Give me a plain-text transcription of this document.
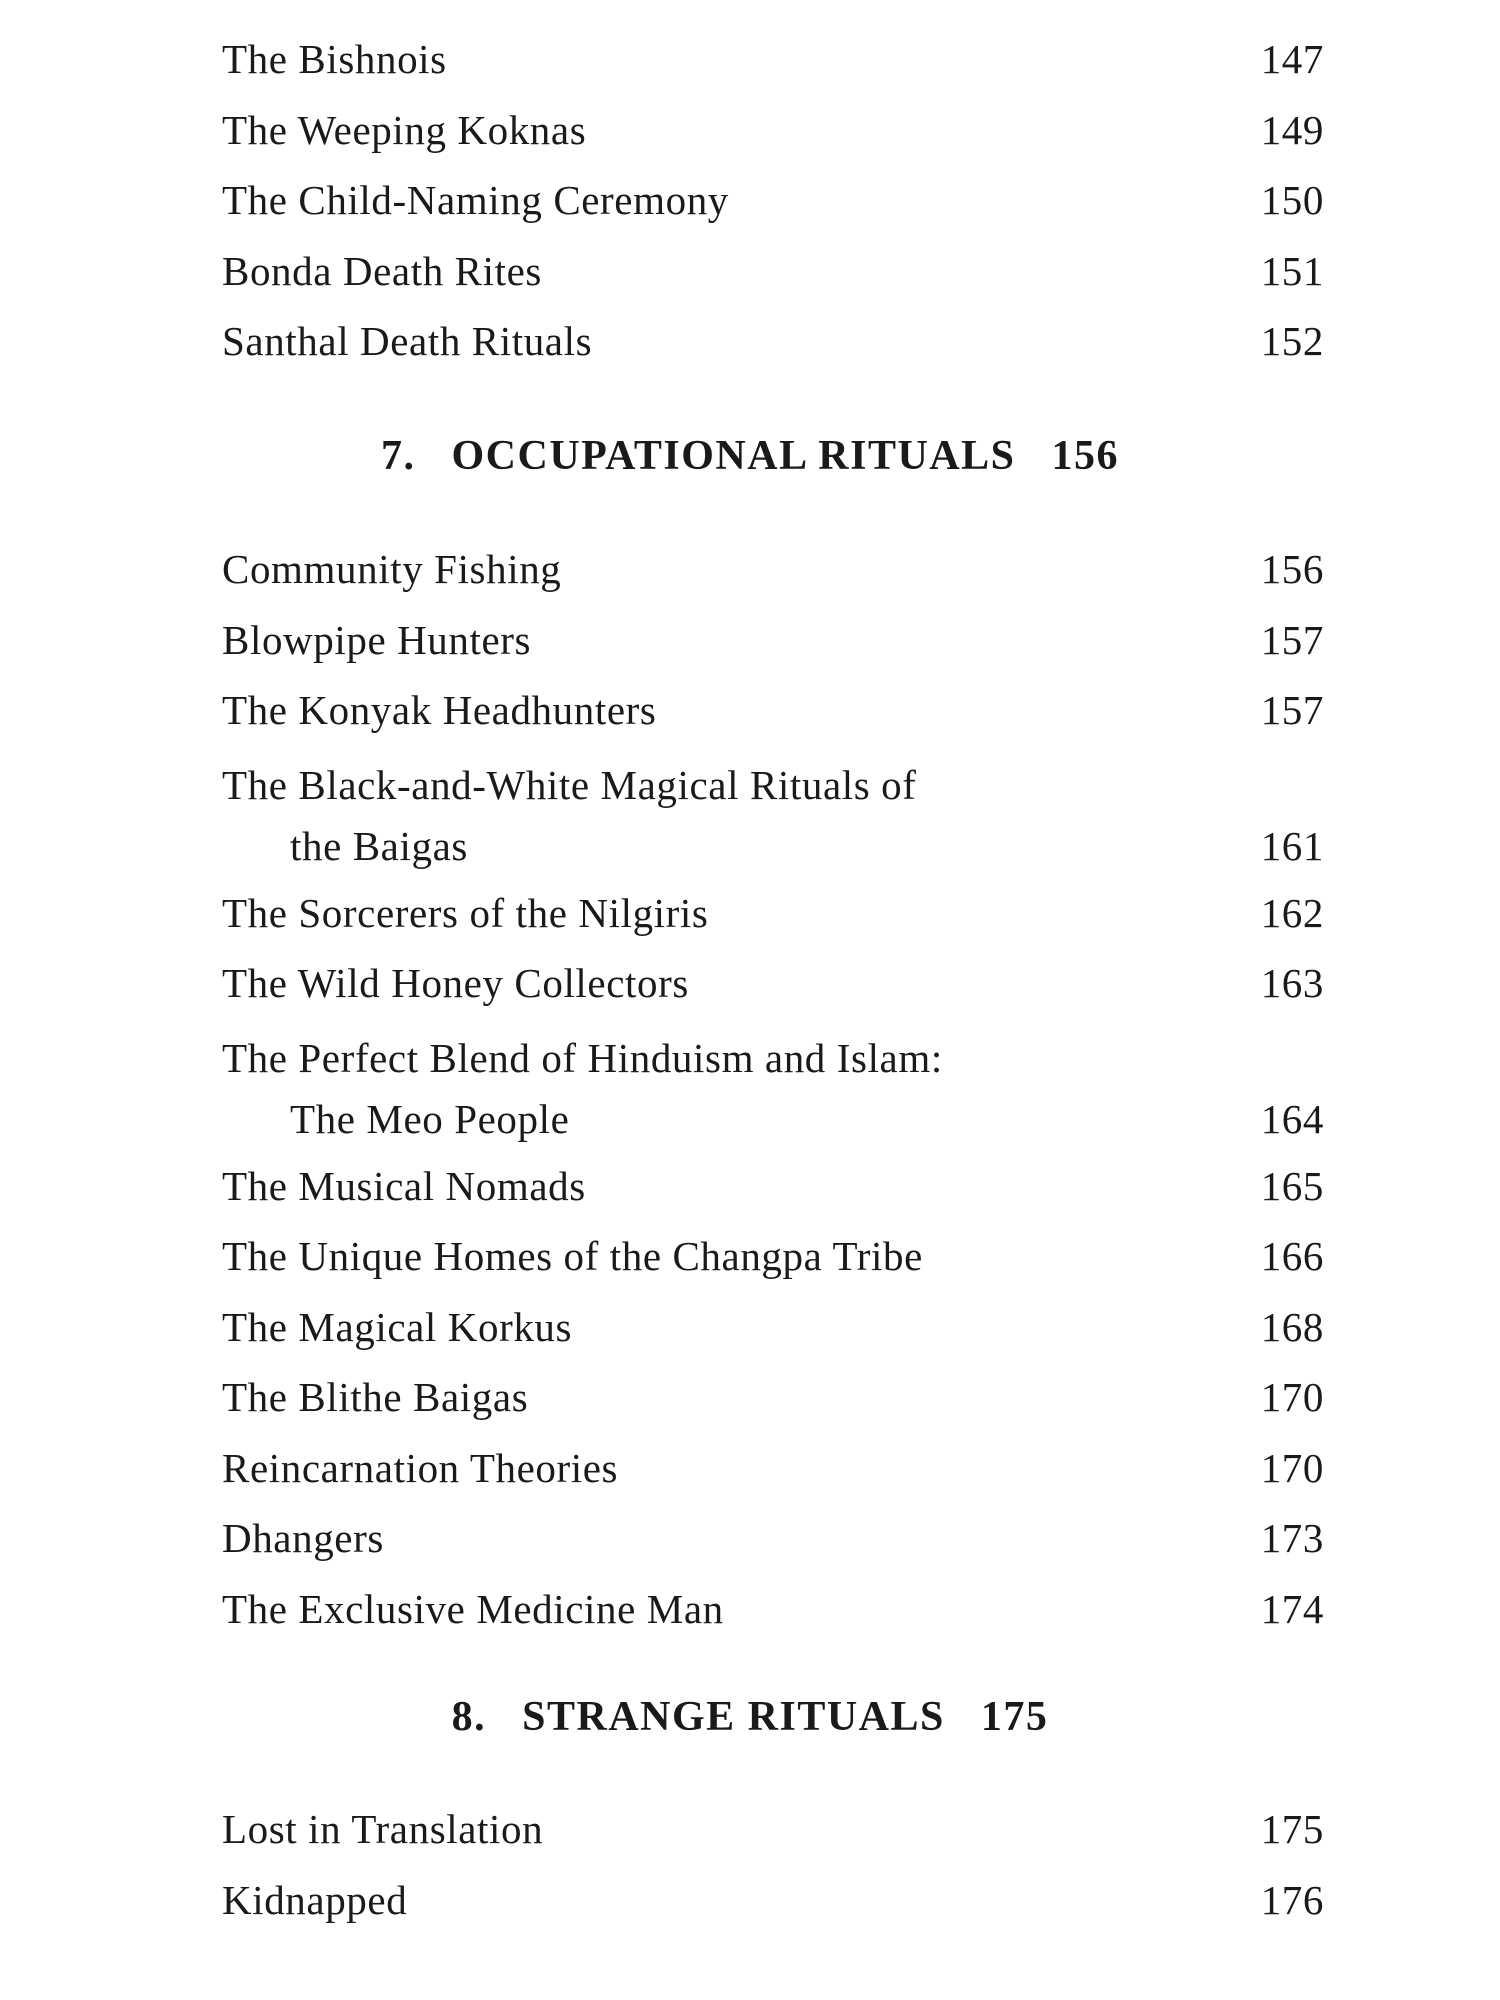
The Bishnois	147
The Weeping Koknas	149
The Child-Naming Ceremony	150
Bonda Death Rites	151
Santhal Death Rituals	152
7. OCCUPATIONAL RITUALS 156
Community Fishing	156
Blowpipe Hunters	157
The Konyak Headhunters	157
The Black-and-White Magical Rituals of
the Baigas	161
The Sorcerers of the Nilgiris	162
The Wild Honey Collectors	163
The Perfect Blend of Hinduism and Islam:
The Meo People	164
The Musical Nomads	165
The Unique Homes of the Changpa Tribe	166
The Magical Korkus	168
The Blithe Baigas	170
Reincarnation Theories	170
Dhangers	173
The Exclusive Medicine Man	174
8. STRANGE RITUALS 175
Lost in Translation	175
Kidnapped	176
